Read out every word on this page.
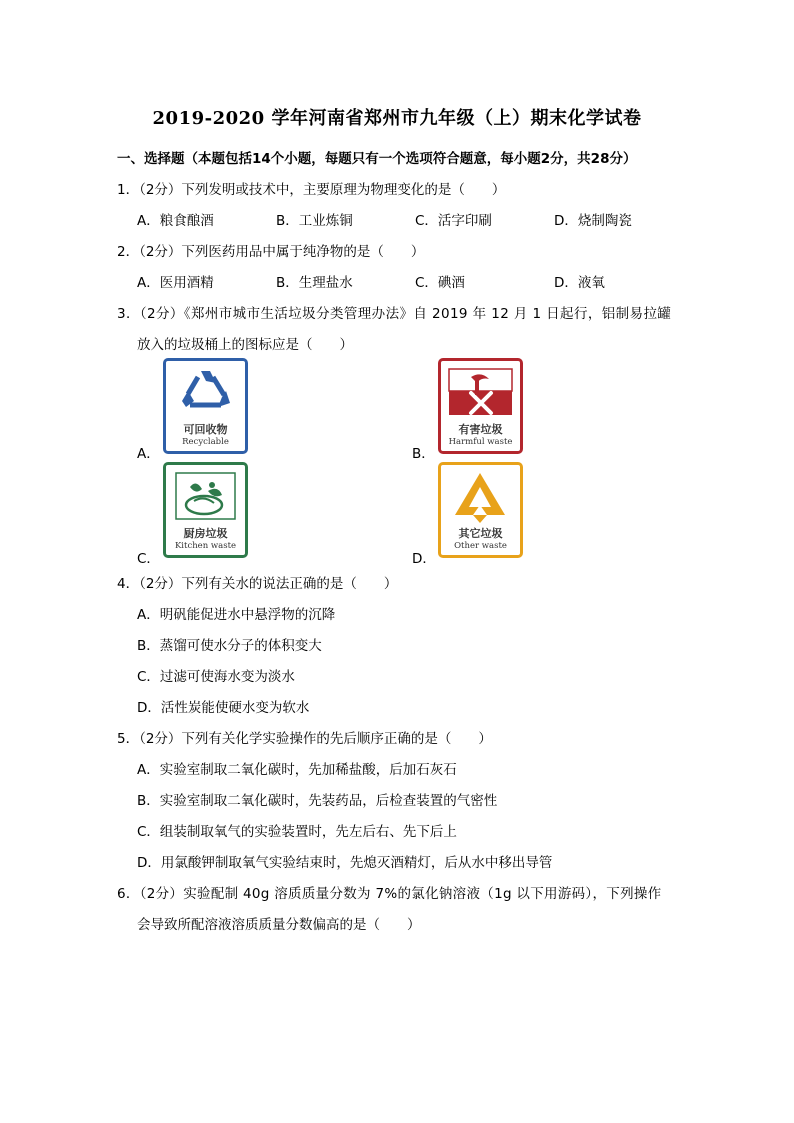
2019-2020 学年河南省郑州市九年级（上）期末化学试卷
一、选择题（本题包括14个小题，每题只有一个选项符合题意，每小题2分，共28分）
1．（2分）下列发明或技术中，主要原理为物理变化的是（　　）
A．粮食酿酒	B．工业炼铜	C．活字印刷	D．烧制陶瓷
2．（2分）下列医药用品中属于纯净物的是（　　）
A．医用酒精	B．生理盐水	C．碘酒	D．液氧
3．（2分）《郑州市城市生活垃圾分类管理办法》自 2019 年 12 月 1 日起行，铝制易拉罐
放入的垃圾桶上的图标应是（　　）
A．	B．
C．	D．
可回收物
Recyclable
有害垃圾
Harmful waste
厨房垃圾
Kitchen waste
其它垃圾
Other waste
4．（2分）下列有关水的说法正确的是（　　）
A．明矾能促进水中悬浮物的沉降
B．蒸馏可使水分子的体积变大
C．过滤可使海水变为淡水
D．活性炭能使硬水变为软水
5．（2分）下列有关化学实验操作的先后顺序正确的是（　　）
A．实验室制取二氧化碳时，先加稀盐酸，后加石灰石
B．实验室制取二氧化碳时，先装药品，后检查装置的气密性
C．组装制取氧气的实验装置时，先左后右、先下后上
D．用氯酸钾制取氧气实验结束时，先熄灭酒精灯，后从水中移出导管
6．（2分）实验配制 40g 溶质质量分数为 7%的氯化钠溶液（1g 以下用游码），下列操作
会导致所配溶液溶质质量分数偏高的是（　　）
